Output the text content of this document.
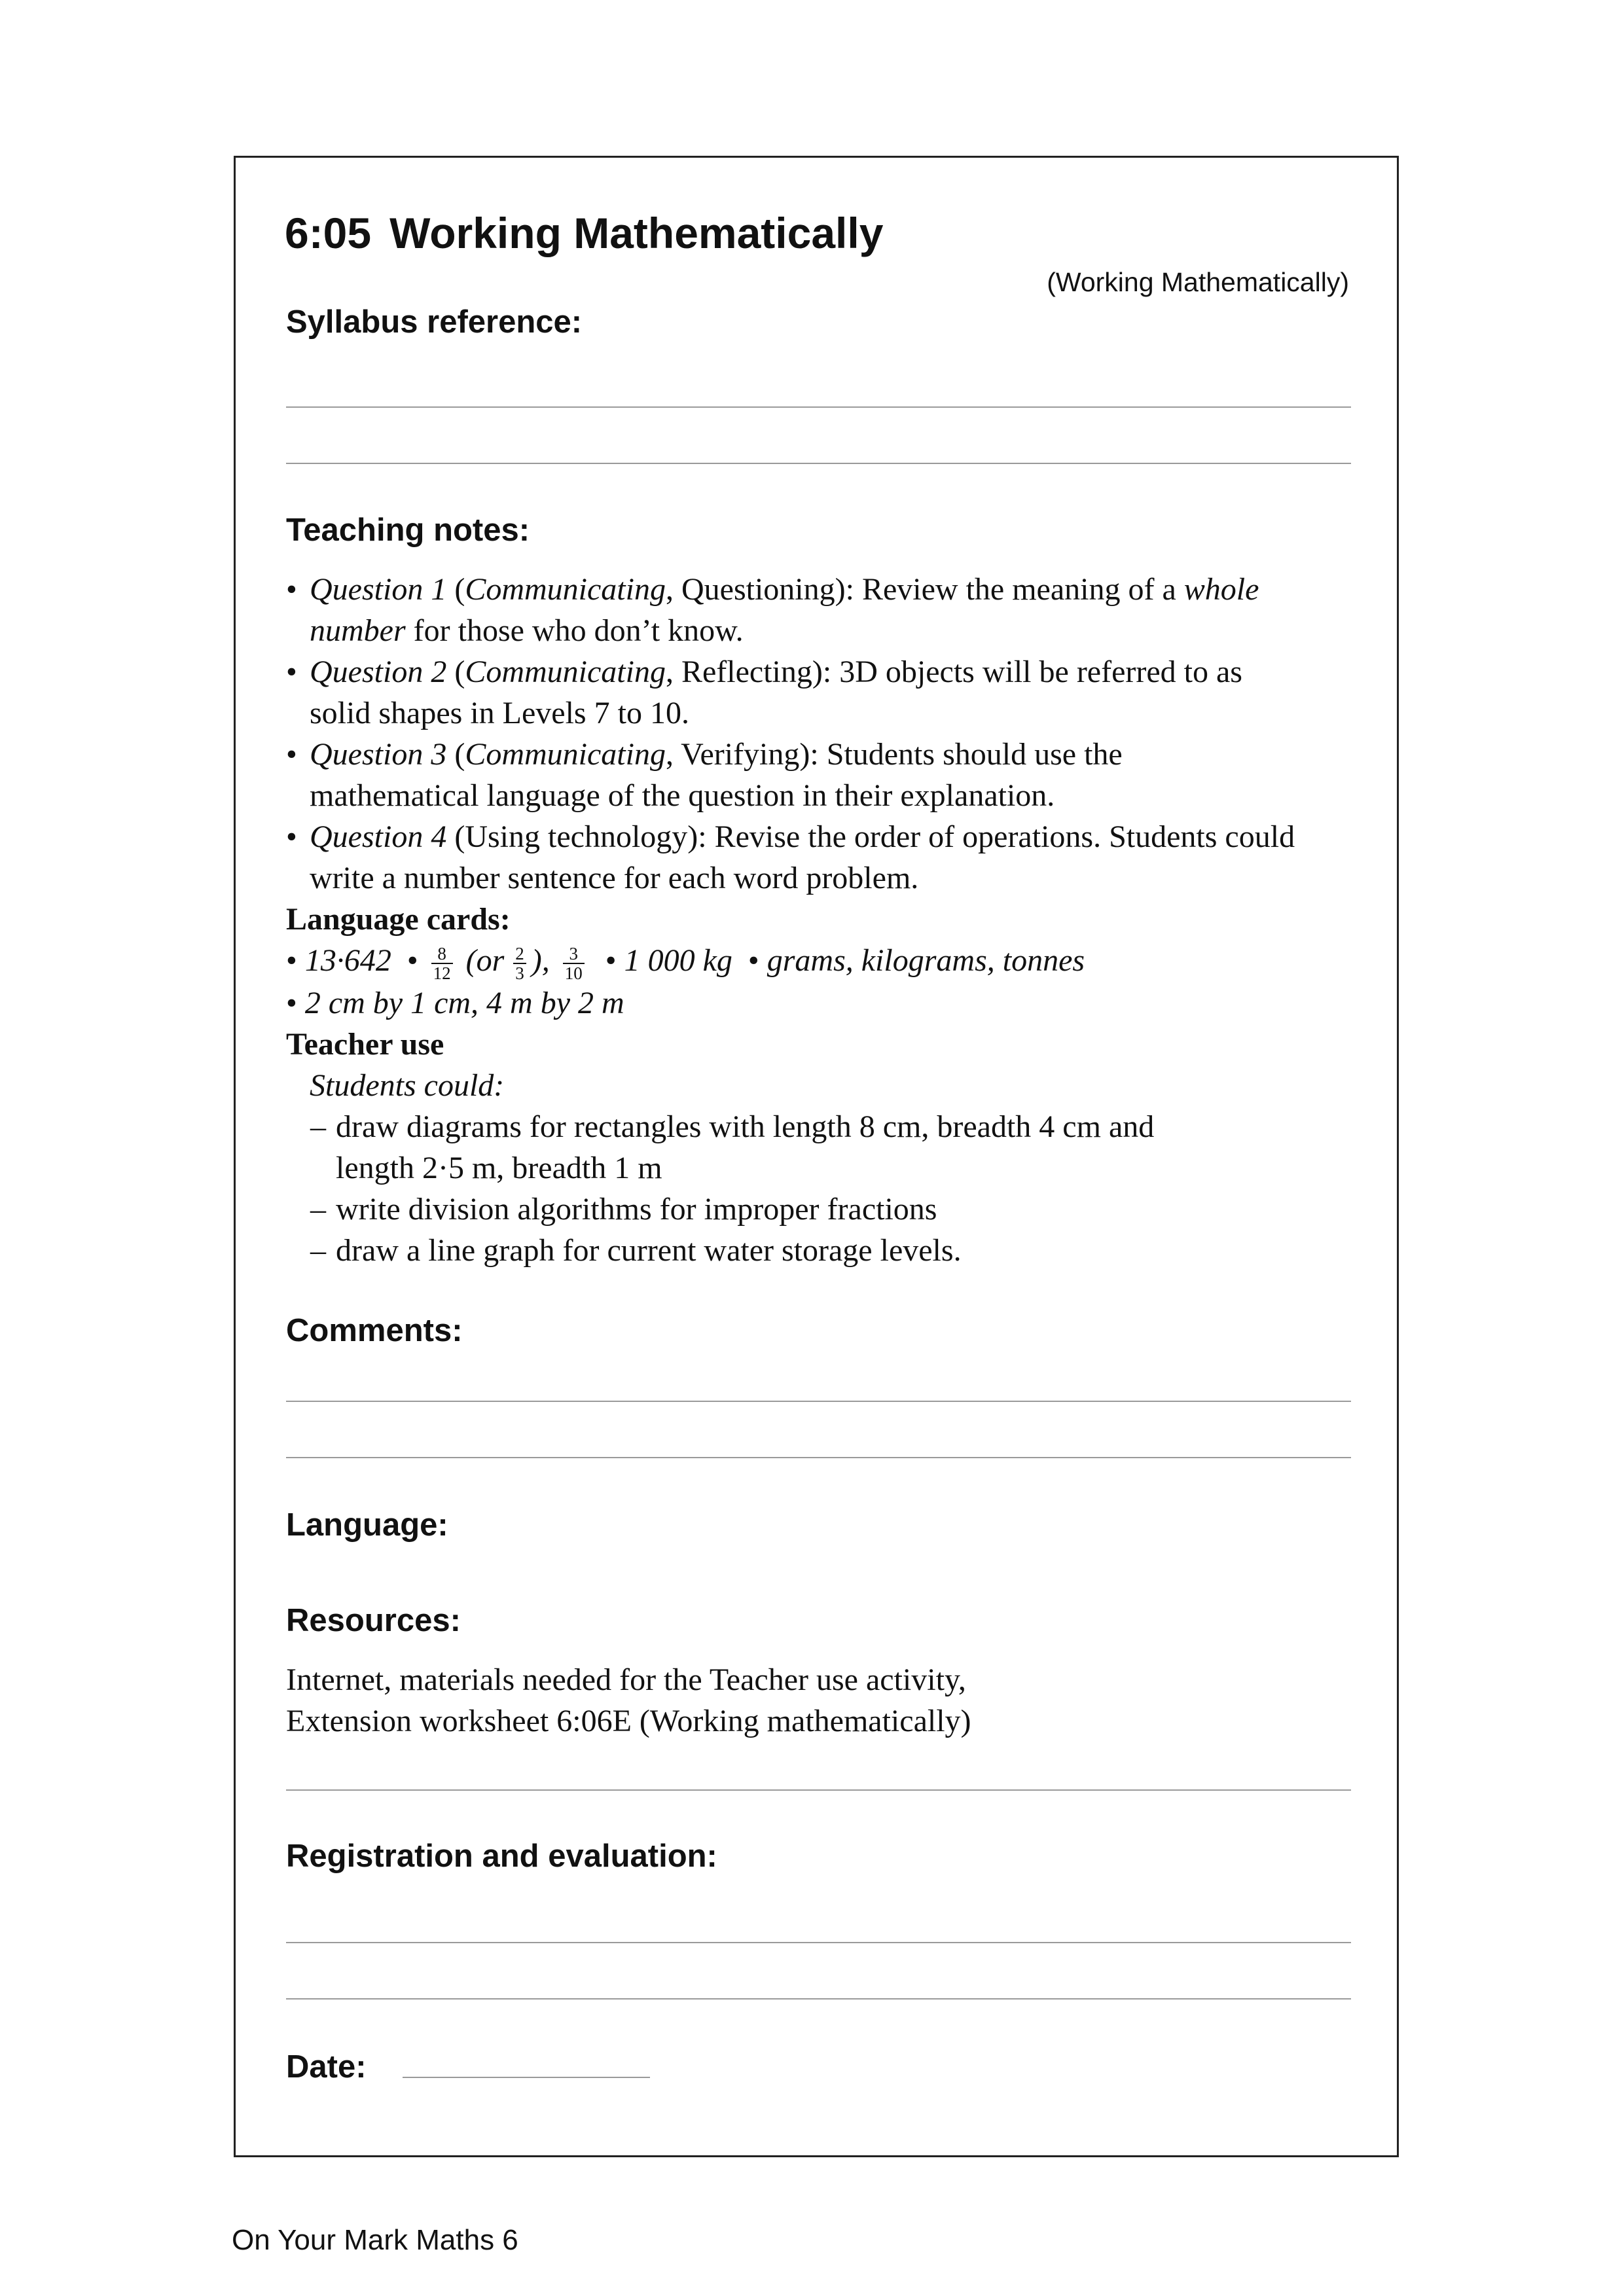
6:05 Working Mathematically
(Working Mathematically)
Syllabus reference:
Teaching notes:
• Question 1 (Communicating, Questioning): Review the meaning of a whole
number for those who don’t know.
• Question 2 (Communicating, Reflecting): 3D objects will be referred to as
solid shapes in Levels 7 to 10.
• Question 3 (Communicating, Verifying): Students should use the
mathematical language of the question in their explanation.
• Question 4 (Using technology): Revise the order of operations. Students could
write a number sentence for each word problem.
Language cards:
• 13·642  • $\frac{8}{12} (or \frac{2}{3}$ ), $\frac{3}{10}$ • 1 000 kg  • grams, kilograms, tonnes
• 2 cm by 1 cm, 4 m by 2 m
Teacher use
Students could:
– draw diagrams for rectangles with length 8 cm, breadth 4 cm and
length 2·5 m, breadth 1 m
– write division algorithms for improper fractions
– draw a line graph for current water storage levels.
Comments:
Language:
Resources:
Internet, materials needed for the Teacher use activity,
Extension worksheet 6:06E (Working mathematically)
Registration and evaluation:
Date:
On Your Mark Maths 6
